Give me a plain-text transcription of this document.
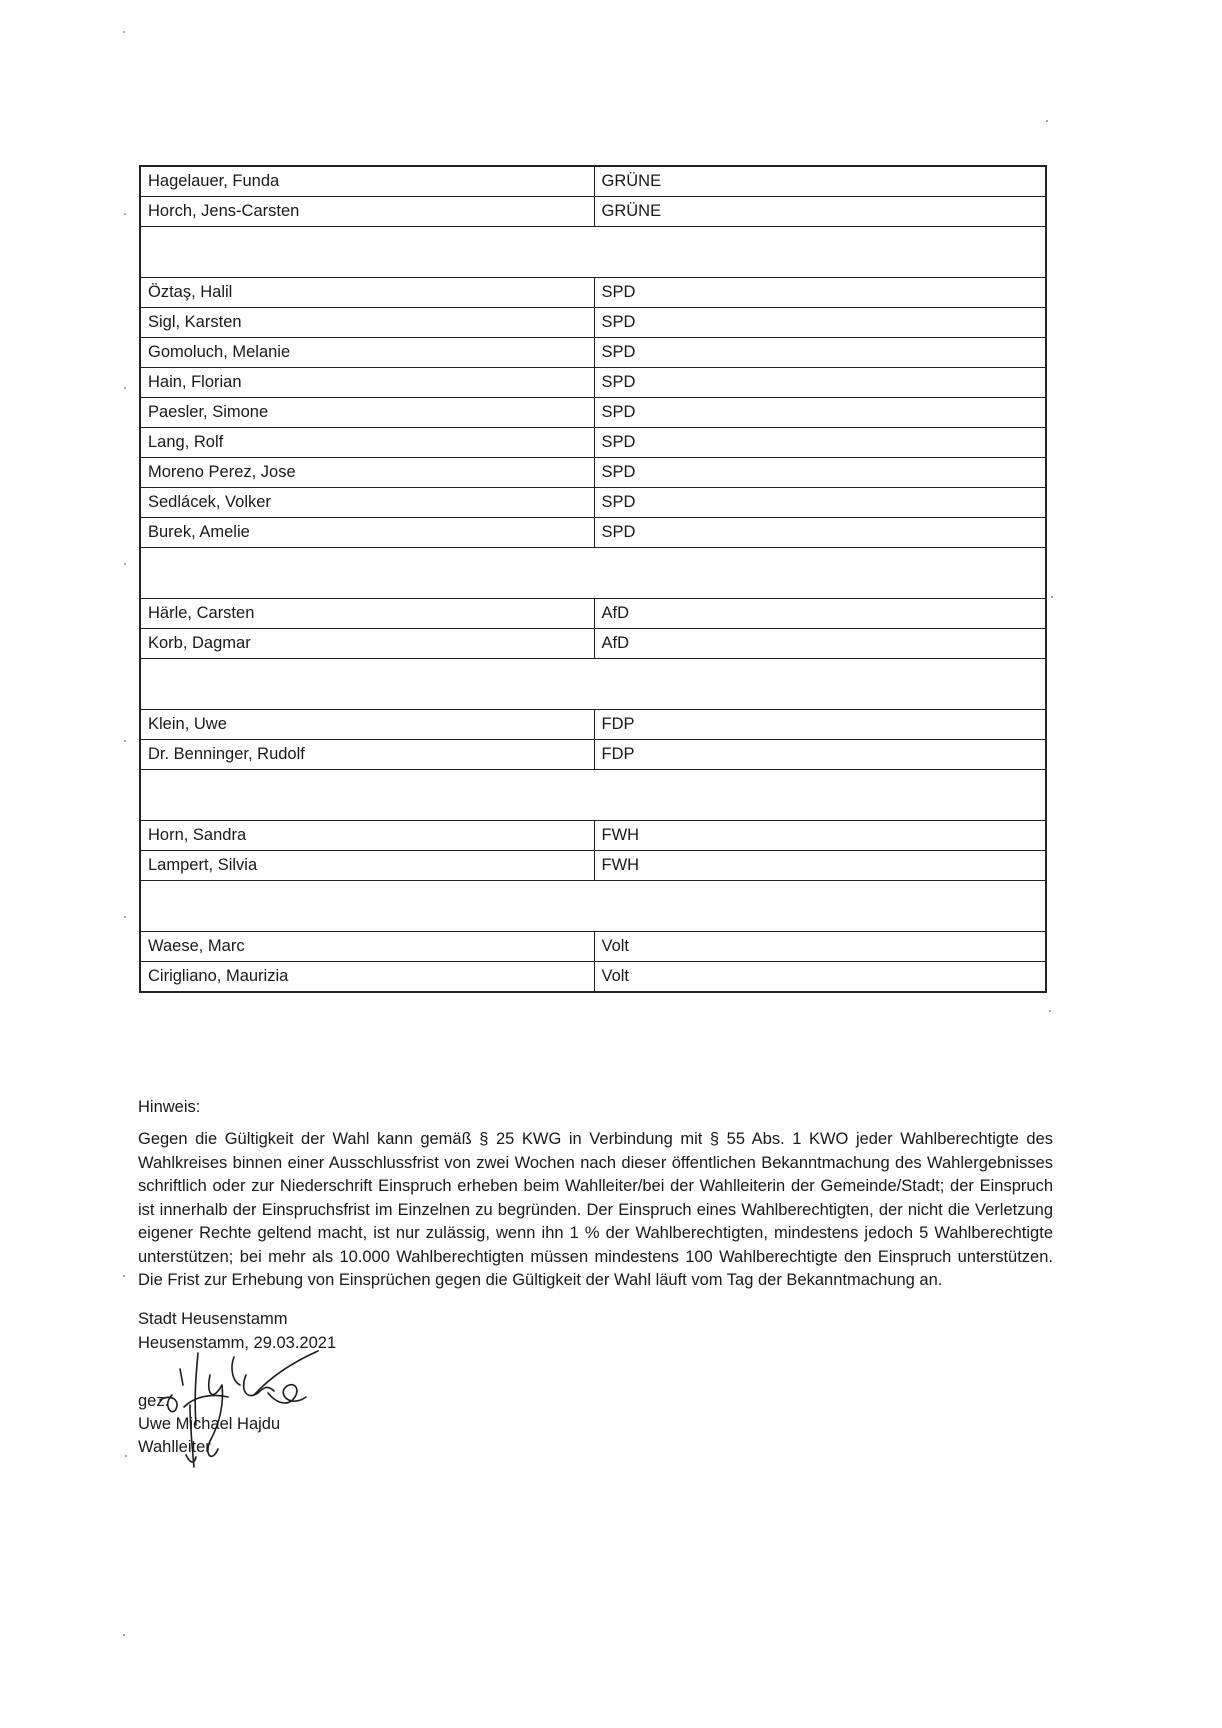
Hagelauer, Funda	GRÜNE
Horch, Jens-Carsten	GRÜNE

Öztaş, Halil	SPD
Sigl, Karsten	SPD
Gomoluch, Melanie	SPD
Hain, Florian	SPD
Paesler, Simone	SPD
Lang, Rolf	SPD
Moreno Perez, Jose	SPD
Sedlácek, Volker	SPD
Burek, Amelie	SPD

Härle, Carsten	AfD
Korb, Dagmar	AfD

Klein, Uwe	FDP
Dr. Benninger, Rudolf	FDP

Horn, Sandra	FWH
Lampert, Silvia	FWH

Waese, Marc	Volt
Cirigliano, Maurizia	Volt
Hinweis:
Gegen die Gültigkeit der Wahl kann gemäß § 25 KWG in Verbindung mit § 55 Abs. 1 KWO jeder Wahlberechtigte des Wahlkreises binnen einer Ausschlussfrist von zwei Wochen nach dieser öffentlichen Bekanntmachung des Wahlergebnisses schriftlich oder zur Niederschrift Einspruch erheben beim Wahlleiter/bei der Wahlleiterin der Gemeinde/Stadt; der Einspruch ist innerhalb der Einspruchsfrist im Einzelnen zu begründen. Der Einspruch eines Wahlberechtigten, der nicht die Verletzung eigener Rechte geltend macht, ist nur zulässig, wenn ihn 1 % der Wahlberechtigten, mindestens jedoch 5 Wahlberechtigte unterstützen; bei mehr als 10.000 Wahlberechtigten müssen mindestens 100 Wahlberechtigte den Einspruch unterstützen. Die Frist zur Erhebung von Einsprüchen gegen die Gültigkeit der Wahl läuft vom Tag der Bekanntmachung an.
Stadt Heusenstamm
Heusenstamm, 29.03.2021
gez.
Uwe Michael Hajdu
Wahlleiter
